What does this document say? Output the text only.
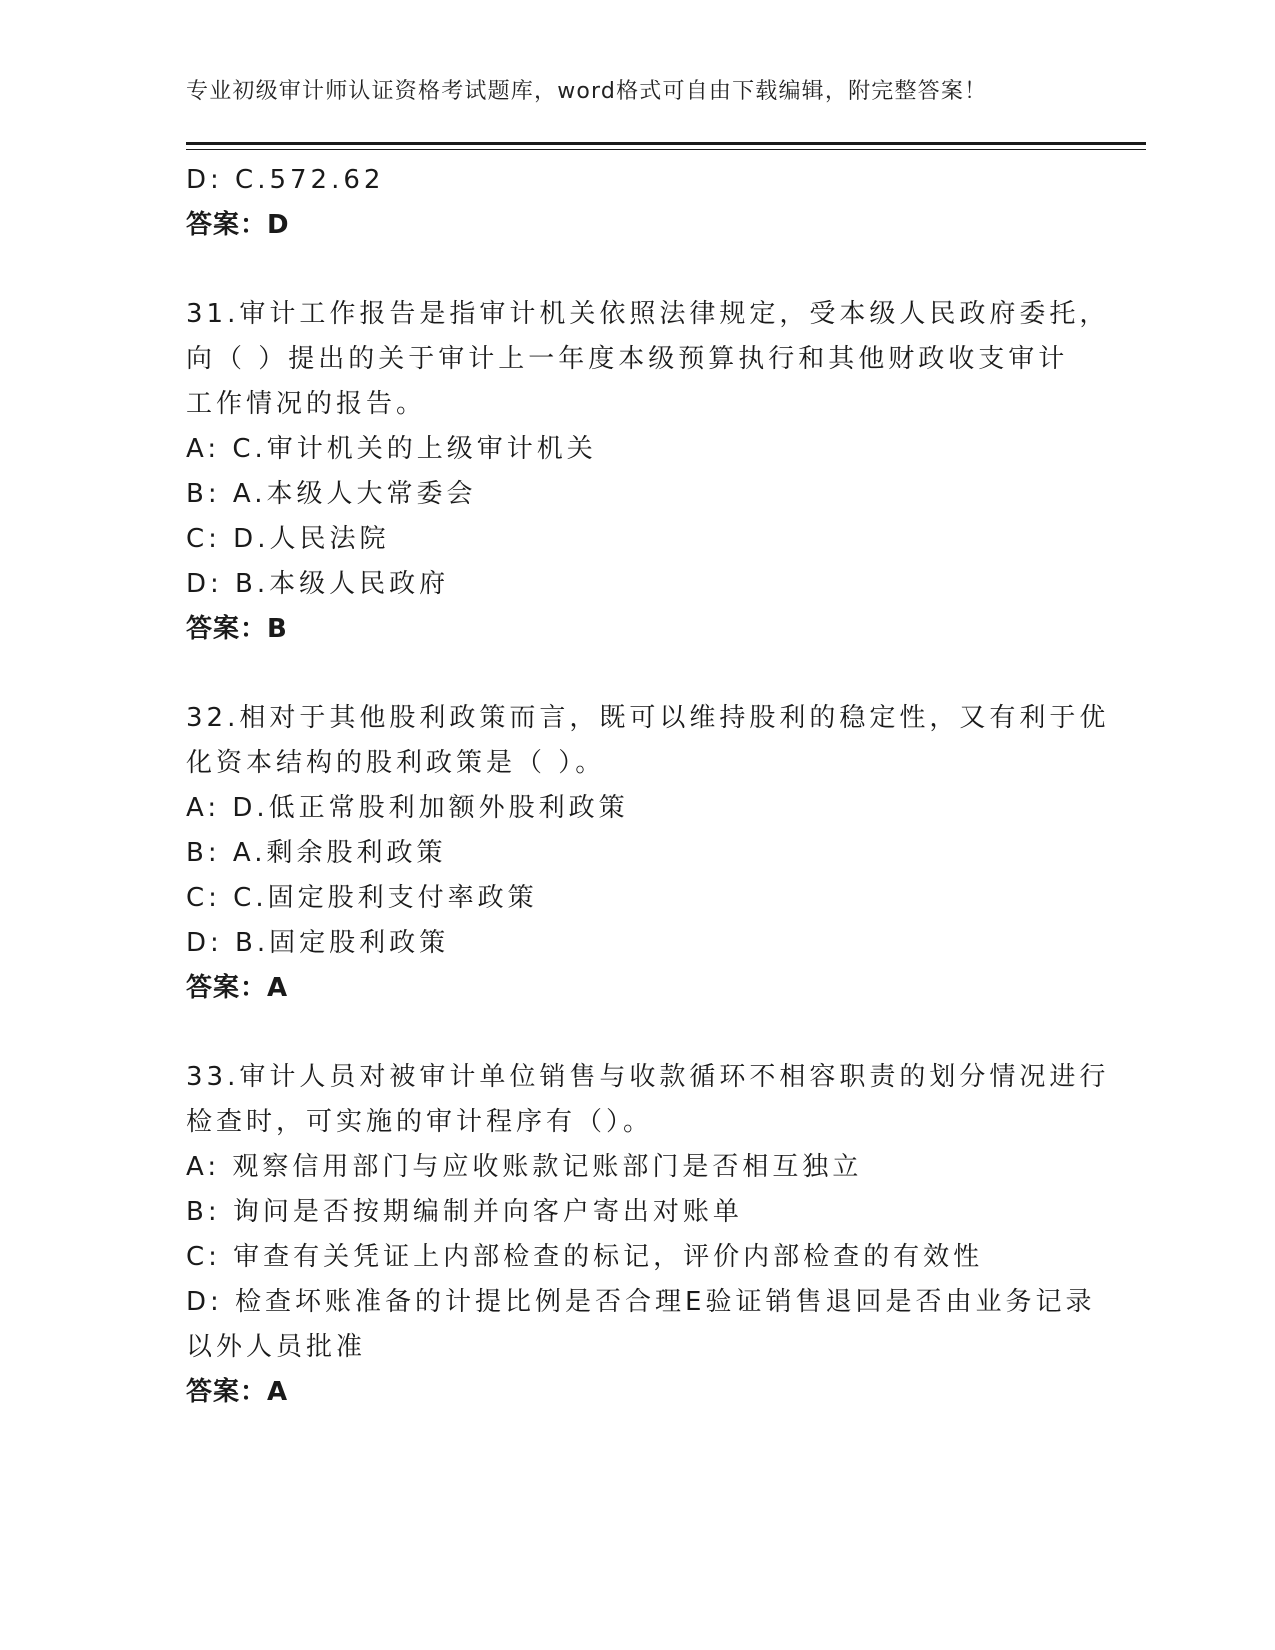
专业初级审计师认证资格考试题库，word格式可自由下载编辑，附完整答案！
D: C.572.62
答案：D
31.审计工作报告是指审计机关依照法律规定，受本级人民政府委托，
向（ ）提出的关于审计上一年度本级预算执行和其他财政收支审计
工作情况的报告。
A: C.审计机关的上级审计机关
B: A.本级人大常委会
C: D.人民法院
D: B.本级人民政府
答案：B
32.相对于其他股利政策而言，既可以维持股利的稳定性，又有利于优
化资本结构的股利政策是（ ）。
A: D.低正常股利加额外股利政策
B: A.剩余股利政策
C: C.固定股利支付率政策
D: B.固定股利政策
答案：A
33.审计人员对被审计单位销售与收款循环不相容职责的划分情况进行
检查时，可实施的审计程序有（）。
A: 观察信用部门与应收账款记账部门是否相互独立
B: 询问是否按期编制并向客户寄出对账单
C: 审查有关凭证上内部检查的标记，评价内部检查的有效性
D: 检查坏账准备的计提比例是否合理E验证销售退回是否由业务记录
以外人员批准
答案：A
